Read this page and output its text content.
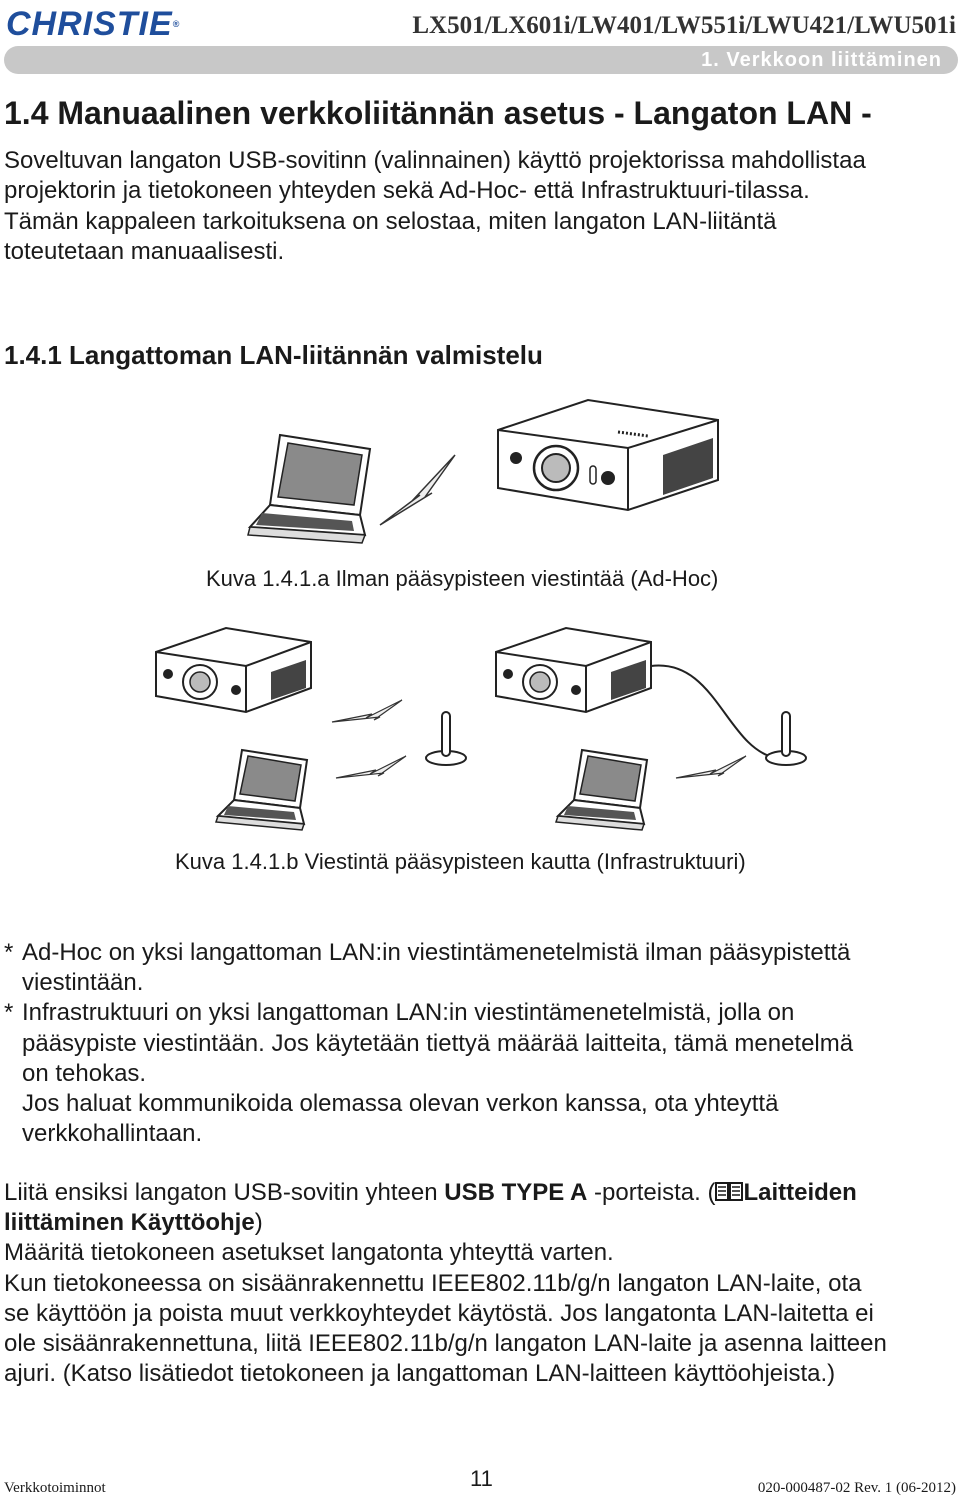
CHRISTIE®	LX501/LX601i/LW401/LW551i/LWU421/LWU501i
1. Verkkoon liittäminen
1.4 Manuaalinen verkkoliitännän asetus - Langaton LAN -
Soveltuvan langaton USB-sovitinn (valinnainen) käyttö projektorissa mahdollistaa
projektorin ja tietokoneen yhteyden sekä Ad-Hoc- että Infrastruktuuri-tilassa.
Tämän kappaleen tarkoituksena on selostaa, miten langaton LAN-liitäntä
toteutetaan manuaalisesti.
1.4.1 Langattoman LAN-liitännän valmistelu
Kuva 1.4.1.a Ilman pääsypisteen viestintää (Ad-Hoc)
Kuva 1.4.1.b Viestintä pääsypisteen kautta (Infrastruktuuri)
* Ad-Hoc on yksi langattoman LAN:in viestintämenetelmistä ilman pääsypistettä
viestintään.
* Infrastruktuuri on yksi langattoman LAN:in viestintämenetelmistä, jolla on
pääsypiste viestintään. Jos käytetään tiettyä määrää laitteita, tämä menetelmä
on tehokas.
Jos haluat kommunikoida olemassa olevan verkon kanssa, ota yhteyttä
verkkohallintaan.
Liitä ensiksi langaton USB-sovitin yhteen USB TYPE A -porteista. ( Laitteiden
liittäminen Käyttöohje)
Määritä tietokoneen asetukset langatonta yhteyttä varten.
Kun tietokoneessa on sisäänrakennettu IEEE802.11b/g/n langaton LAN-laite, ota
se käyttöön ja poista muut verkkoyhteydet käytöstä. Jos langatonta LAN-laitetta ei
ole sisäänrakennettuna, liitä IEEE802.11b/g/n langaton LAN-laite ja asenna laitteen
ajuri. (Katso lisätiedot tietokoneen ja langattoman LAN-laitteen käyttöohjeista.)
Verkkotoiminnot	11	020-000487-02 Rev. 1 (06-2012)
